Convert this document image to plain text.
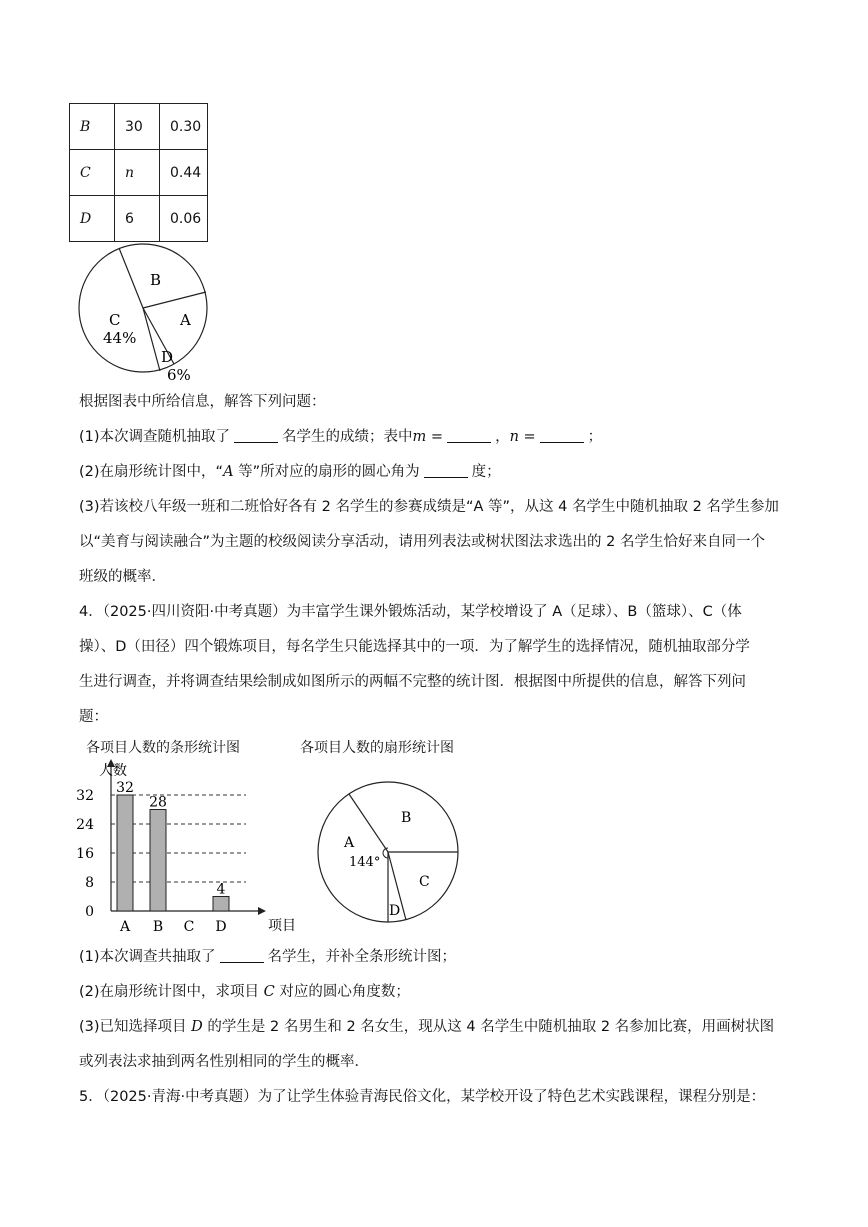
B	30	0.30
C	n	0.44
D	6	0.06
B
A
C
44%
D
6%
根据图表中所给信息，解答下列问题：
(1)本次调查随机抽取了	名学生的成绩；表中m =	，n =	；
(2)在扇形统计图中，“A 等”所对应的扇形的圆心角为	度；
(3)若该校八年级一班和二班恰好各有 2 名学生的参赛成绩是“A 等”，从这 4 名学生中随机抽取 2 名学生参加
以“美育与阅读融合”为主题的校级阅读分享活动，请用列表法或树状图法求选出的 2 名学生恰好来自同一个
班级的概率．
4．（2025·四川资阳·中考真题）为丰富学生课外锻炼活动，某学校增设了 A（足球）、B（篮球）、C（体
操）、D（田径）四个锻炼项目，每名学生只能选择其中的一项．为了解学生的选择情况，随机抽取部分学
生进行调查，并将调查结果绘制成如图所示的两幅不完整的统计图．根据图中所提供的信息，解答下列问
题：
各项目人数的条形统计图	各项目人数的扇形统计图
人数
项目
0
8
16
24
32
A B C D
32
28
4
B
A
144°
C
D
(1)本次调查共抽取了	名学生，并补全条形统计图；
(2)在扇形统计图中，求项目 C 对应的圆心角度数；
(3)已知选择项目 D 的学生是 2 名男生和 2 名女生，现从这 4 名学生中随机抽取 2 名参加比赛，用画树状图
或列表法求抽到两名性别相同的学生的概率．
5．（2025·青海·中考真题）为了让学生体验青海民俗文化，某学校开设了特色艺术实践课程，课程分别是：
